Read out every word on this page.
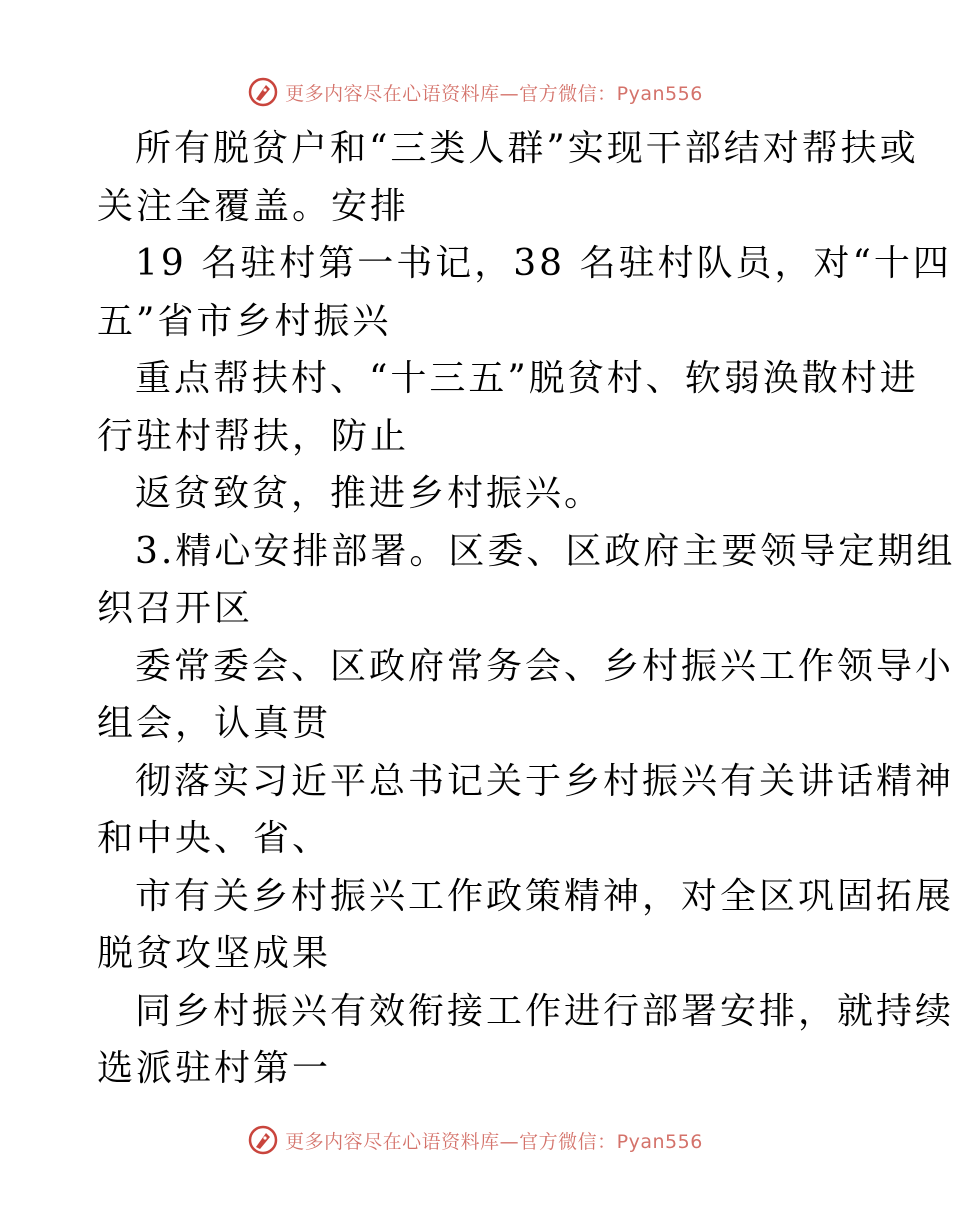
更多内容尽在心语资料库—官方微信：Pyan556
所有脱贫户和“三类人群”实现干部结对帮扶或
关注全覆盖。安排
19 名驻村第一书记，38 名驻村队员，对“十四
五”省市乡村振兴
重点帮扶村、“十三五”脱贫村、软弱涣散村进
行驻村帮扶，防止
返贫致贫，推进乡村振兴。
3.精心安排部署。区委、区政府主要领导定期组
织召开区
委常委会、区政府常务会、乡村振兴工作领导小
组会，认真贯
彻落实习近平总书记关于乡村振兴有关讲话精神
和中央、省、
市有关乡村振兴工作政策精神，对全区巩固拓展
脱贫攻坚成果
同乡村振兴有效衔接工作进行部署安排，就持续
选派驻村第一
更多内容尽在心语资料库—官方微信：Pyan556
